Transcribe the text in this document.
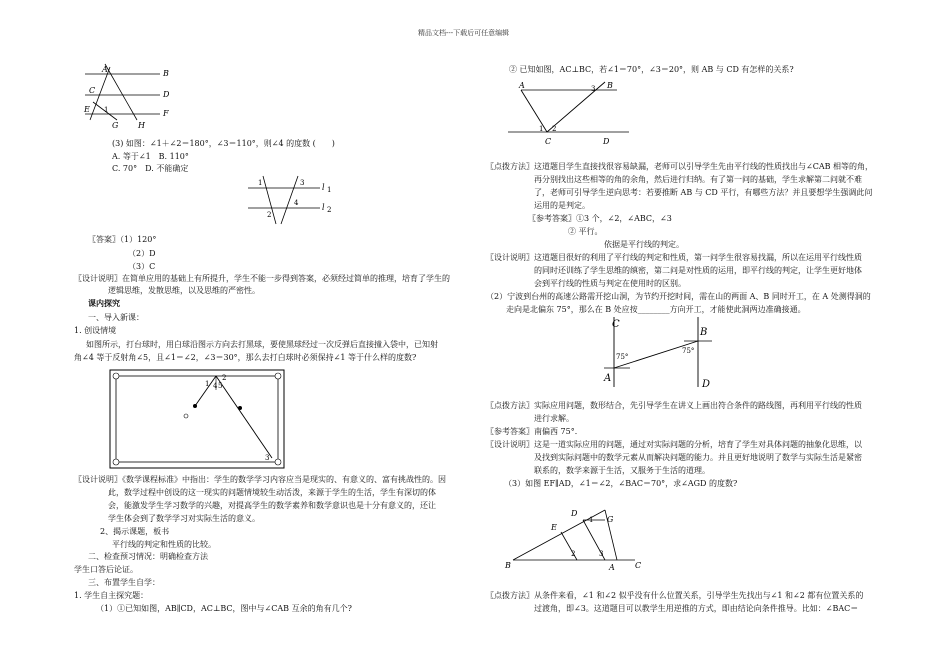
精品文档---下载后可任意编辑
A	B
C	D
E	F
1
G H
(3) 如图：∠1＋∠2＝180°，∠3＝110°，则∠4 的度数 (　　)
A. 等于∠1　B. 110°
C. 70°　D. 不能确定
1	3 l 1
4
2
l 2
〖答案〗（1）120°
（2）D
（3）C
〖设计说明〗在简单应用的基础上有所提升，学生不能一步得到答案，必须经过简单的推理，培育了学生的
逻辑思维，发散思维，以及思维的严密性。
课内探究
一、导入新课：
1. 创设情境
如图所示，打台球时，用白球沿图示方向去打黑球，要使黑球经过一次反弹后直接撞入袋中，已知射
角∠4 等于反射角∠5，且∠1＝∠2，∠3＝30°，那么去打白球时必须保持∠1 等于什么样的度数?
1 4 5
2
3
〖设计说明〗《数学课程标准》中指出：学生的数学学习内容应当是现实的、有意义的、富有挑战性的。因
此，数学过程中创设的这一现实的问题情境较生动活泼，来源于学生的生活，学生有深切的体
会，能激发学生学习数学的兴趣，对提高学生的数学素养和数学意识也是十分有意义的，还让
学生体会到了数学学习对实际生活的意义。
2、揭示课题，板书
平行线的判定和性质的比较。
二、检查预习情况：明确检查方法
学生口答后论证。
三、布置学生自学：
1. 学生自主探究题：
（1）①已知如图，AB∥CD，AC⊥BC，图中与∠CAB 互余的角有几个?
② 已知如图，AC⊥BC，若∠1＝70°，∠3＝20°，则 AB 与 CD 有怎样的关系?
A	B
3
1 2
C	D
〖点拨方法〗这道题目学生直接找很容易缺漏，老师可以引导学生先由平行线的性质找出与∠CAB 相等的角，
再分别找出这些相等的角的余角，然后进行归纳。有了第一问的基础，学生求解第二问就不难
了，老师可引导学生逆向思考：若要推断 AB 与 CD 平行，有哪些方法？并且要想学生强调此问
运用的是判定。
〖参考答案〗①3 个，∠2，∠ABC，∠3
② 平行。
依据是平行线的判定。
〖设计说明〗这道题目很好的利用了平行线的判定和性质，第一问学生很容易找漏，所以在运用平行线性质
的同时还训练了学生思维的缜密，第二问是对性质的运用，即平行线的判定，让学生更好地体
会到平行线的性质与判定在使用时的区别。
（2）宁波到台州的高速公路需开挖山洞，为节约开挖时间，需在山的两面 A、B 同时开工，在 A 处测得洞的
走向是北偏东 75°，那么在 B 处应按________方向开工，才能使此洞两边准确接通。
C
B
75°
75°
A
D
〖点拨方法〗实际应用问题，数形结合，先引导学生在讲义上画出符合条件的路线图，再利用平行线的性质
进行求解。
〖参考答案〗南偏西 75°．
〖设计说明〗这是一道实际应用的问题，通过对实际问题的分析，培育了学生对具体问题的抽象化思维，以
及找到实际问题中的数学元素从而解决问题的能力。并且更好地说明了数学与实际生活是紧密
联系的，数学来源于生活，又服务于生活的道理。
（3）如图 EF∥AD，∠1＝∠2，∠BAC＝70°，求∠AGD 的度数?
D
1 G
E
3
2
B	A	C
〖点拨方法〗从条件来看，∠1 和∠2 似乎没有什么位置关系，引导学生先找出与∠1 和∠2 都有位置关系的
过渡角，即∠3。这道题目可以教学生用逆推的方式，即由结论向条件推导。比如：∠BAC＝
